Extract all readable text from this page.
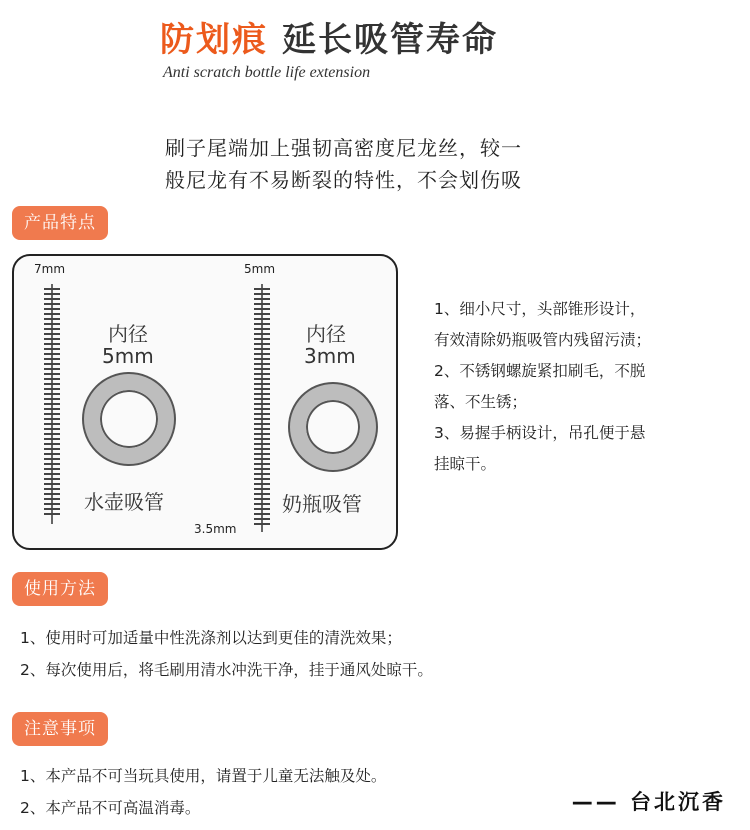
防划痕 延长吸管寿命
Anti scratch bottle life extension
刷子尾端加上强韧高密度尼龙丝，较一
般尼龙有不易断裂的特性，不会划伤吸
产品特点
7mm	5mm
内径
5mm
水壶吸管
内径
3mm
奶瓶吸管
3.5mm
1、细小尺寸，头部锥形设计，
有效清除奶瓶吸管内残留污渍；
2、不锈钢螺旋紧扣刷毛，不脱
落、不生锈；
3、易握手柄设计，吊孔便于悬
挂晾干。
使用方法
1、使用时可加适量中性洗涤剂以达到更佳的清洗效果；
2、每次使用后，将毛刷用清水冲洗干净，挂于通风处晾干。
注意事项
1、本产品不可当玩具使用，请置于儿童无法触及处。
2、本产品不可高温消毒。	—— 台北沉香
